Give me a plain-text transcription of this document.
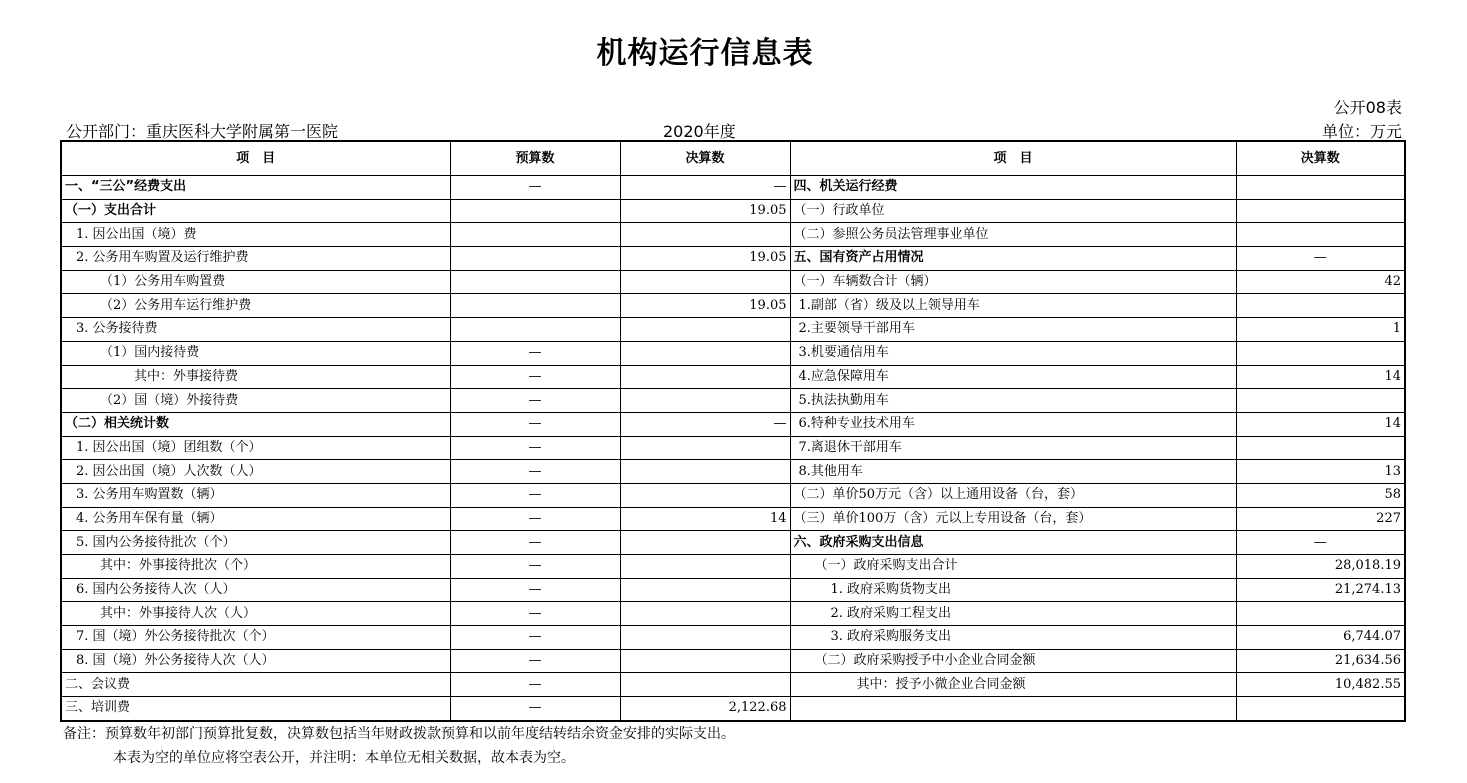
机构运行信息表
公开08表
公开部门：重庆医科大学附属第一医院	2020年度	单位：万元
项　目	预算数	决算数	项　目	决算数
一、“三公”经费支出	—	—	四、机关运行经费	
（一）支出合计		19.05	（一）行政单位	
1. 因公出国（境）费			（二）参照公务员法管理事业单位	
2. 公务用车购置及运行维护费		19.05	五、国有资产占用情况	—
（1）公务用车购置费			（一）车辆数合计（辆）	42
（2）公务用车运行维护费		19.05	1.副部（省）级及以上领导用车	
3. 公务接待费			2.主要领导干部用车	1
（1）国内接待费	—		3.机要通信用车	
其中：外事接待费	—		4.应急保障用车	14
（2）国（境）外接待费	—		5.执法执勤用车	
（二）相关统计数	—	—	6.特种专业技术用车	14
1. 因公出国（境）团组数（个）	—		7.离退休干部用车	
2. 因公出国（境）人次数（人）	—		8.其他用车	13
3. 公务用车购置数（辆）	—		（二）单价50万元（含）以上通用设备（台，套）	58
4. 公务用车保有量（辆）	—	14	（三）单价100万（含）元以上专用设备（台，套）	227
5. 国内公务接待批次（个）	—		六、政府采购支出信息	—
其中：外事接待批次（个）	—		（一）政府采购支出合计	28,018.19
6. 国内公务接待人次（人）	—		1. 政府采购货物支出	21,274.13
其中：外事接待人次（人）	—		2. 政府采购工程支出	
7. 国（境）外公务接待批次（个）	—		3. 政府采购服务支出	6,744.07
8. 国（境）外公务接待人次（人）	—		（二）政府采购授予中小企业合同金额	21,634.56
二、会议费	—		其中：授予小微企业合同金额	10,482.55
三、培训费	—	2,122.68		
备注：预算数年初部门预算批复数，决算数包括当年财政拨款预算和以前年度结转结余资金安排的实际支出。
本表为空的单位应将空表公开，并注明：本单位无相关数据，故本表为空。
